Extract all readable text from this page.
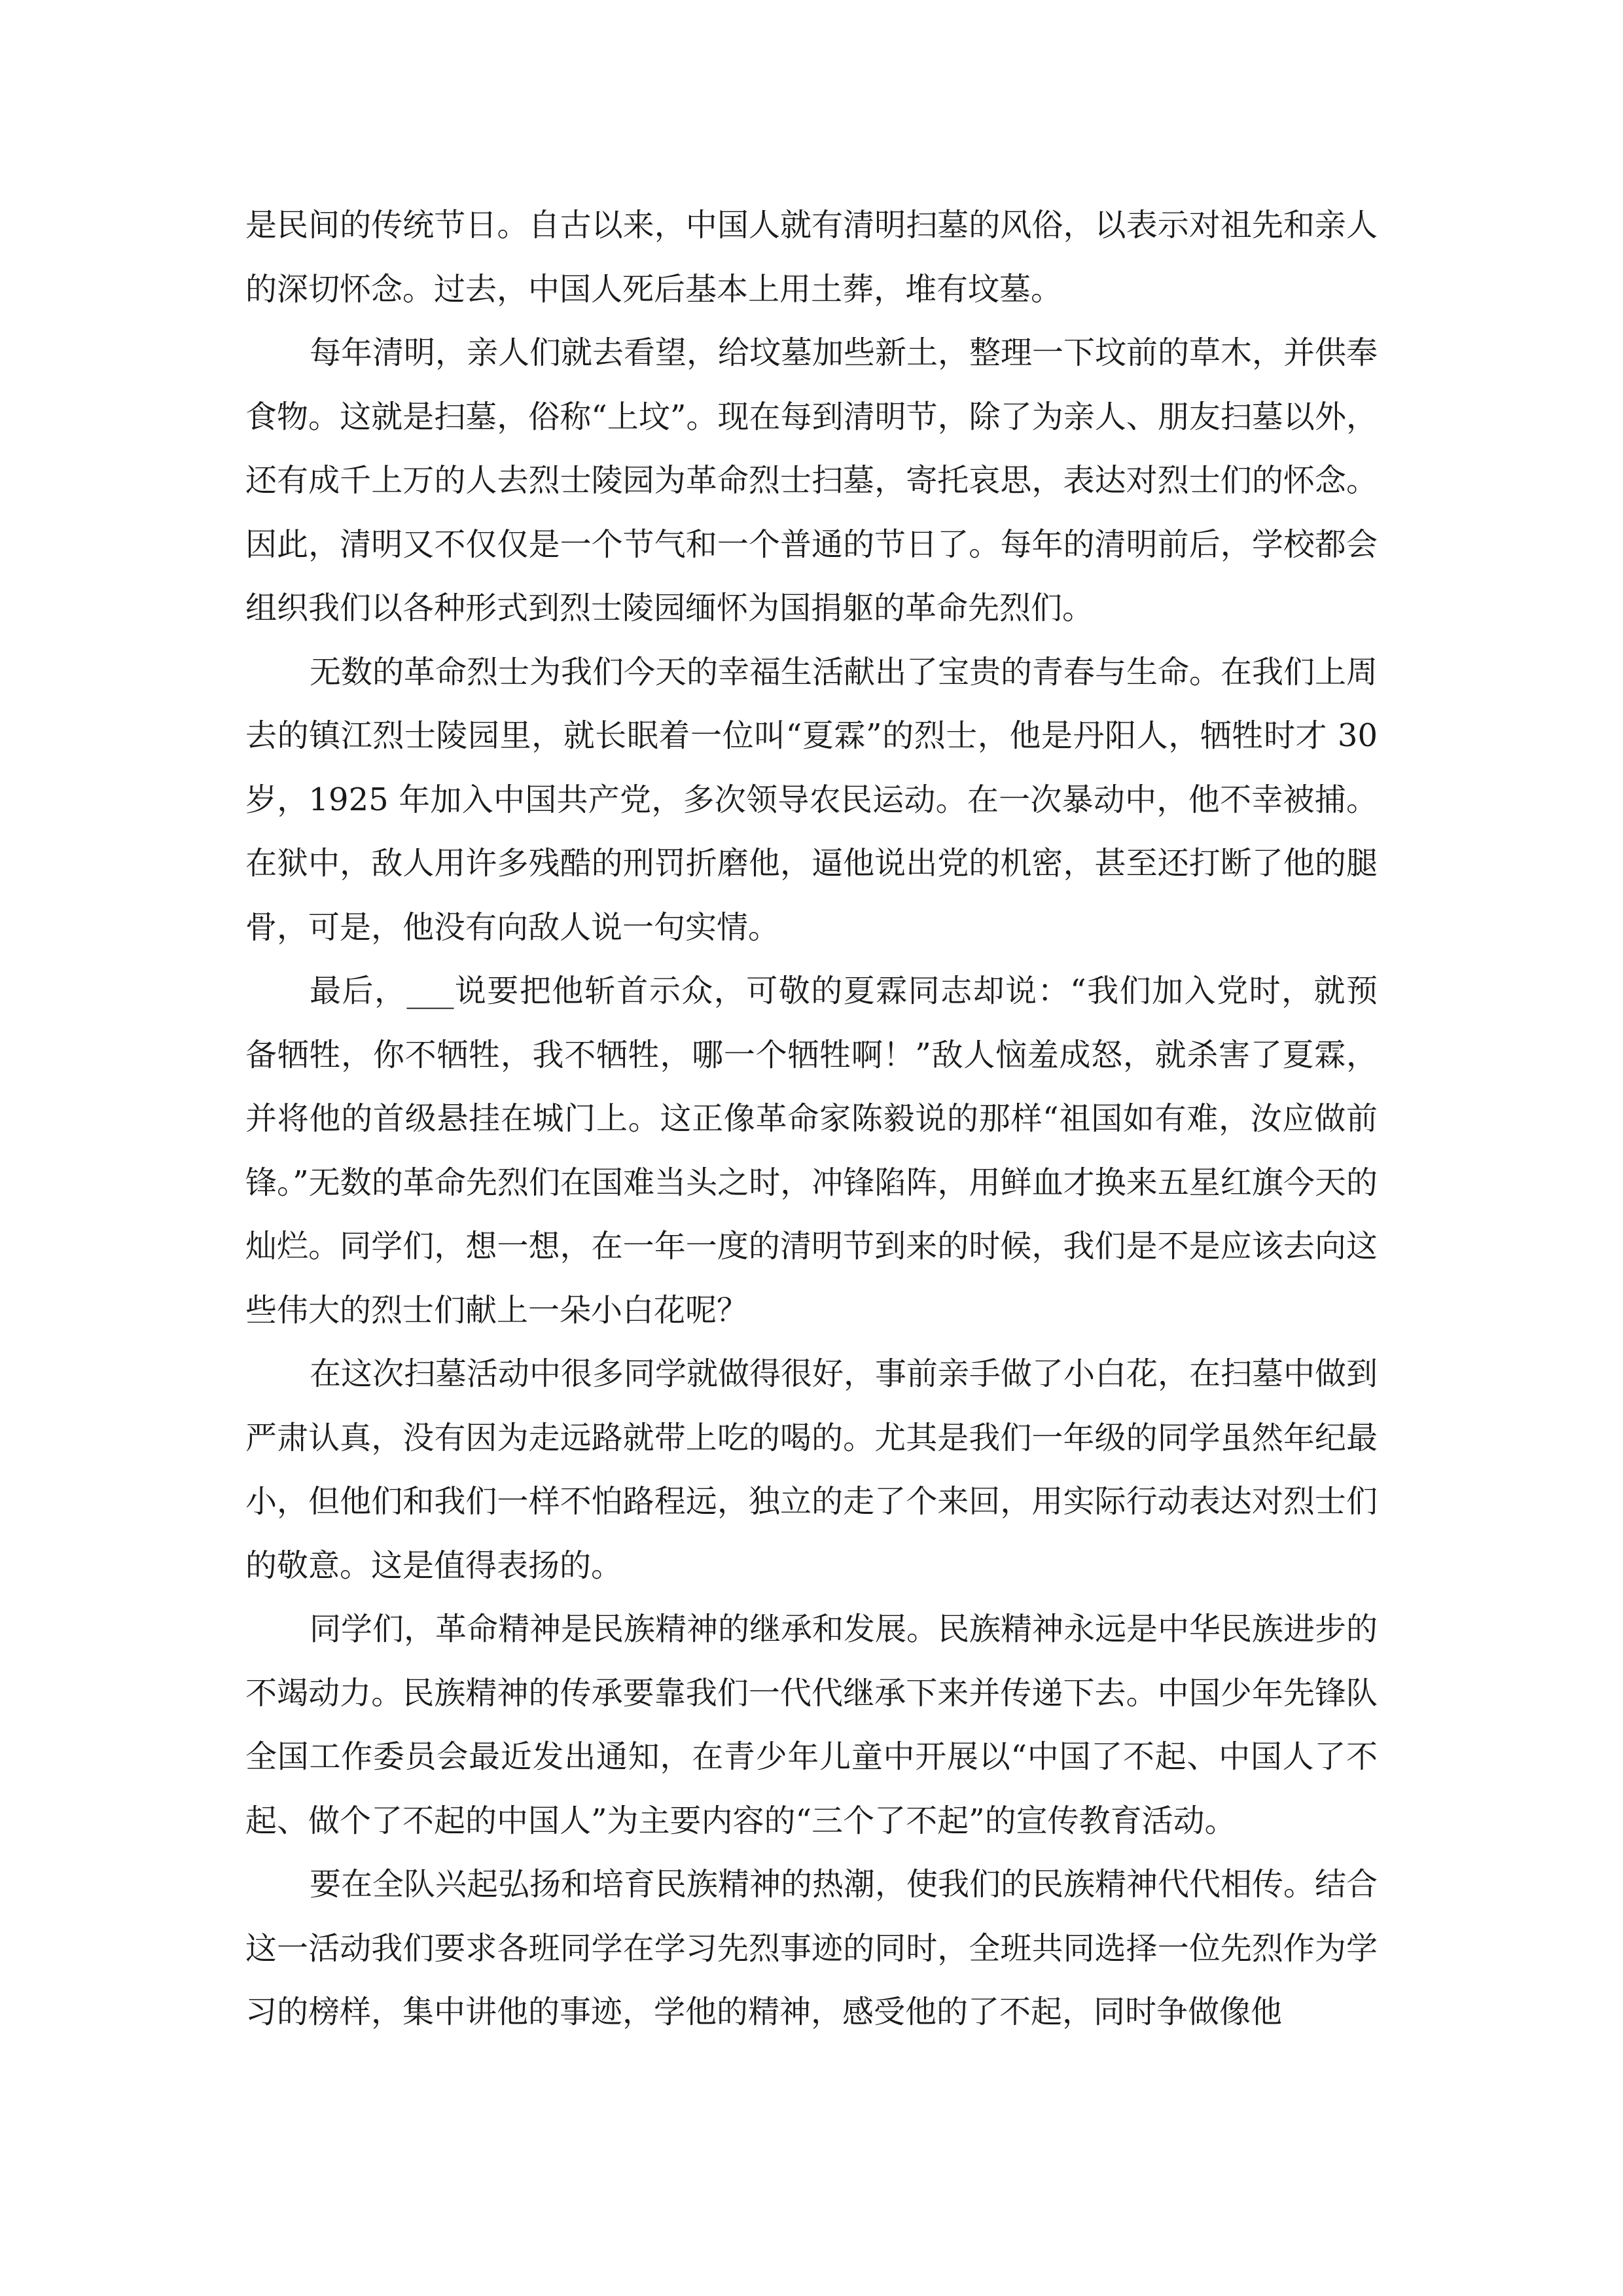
是民间的传统节日。自古以来，中国人就有清明扫墓的风俗，以表示对祖先和亲人的深切怀念。过去，中国人死后基本上用土葬，堆有坟墓。

每年清明，亲人们就去看望，给坟墓加些新土，整理一下坟前的草木，并供奉食物。这就是扫墓，俗称“上坟”。现在每到清明节，除了为亲人、朋友扫墓以外，还有成千上万的人去烈士陵园为革命烈士扫墓，寄托哀思，表达对烈士们的怀念。因此，清明又不仅仅是一个节气和一个普通的节日了。每年的清明前后，学校都会组织我们以各种形式到烈士陵园缅怀为国捐躯的革命先烈们。

无数的革命烈士为我们今天的幸福生活献出了宝贵的青春与生命。在我们上周去的镇江烈士陵园里，就长眠着一位叫“夏霖”的烈士，他是丹阳人，牺牲时才 30 岁，1925 年加入中国共产党，多次领导农民运动。在一次暴动中，他不幸被捕。在狱中，敌人用许多残酷的刑罚折磨他，逼他说出党的机密，甚至还打断了他的腿骨，可是，他没有向敌人说一句实情。

最后，___说要把他斩首示众，可敬的夏霖同志却说：“我们加入党时，就预备牺牲，你不牺牲，我不牺牲，哪一个牺牲啊！”敌人恼羞成怒，就杀害了夏霖，并将他的首级悬挂在城门上。这正像革命家陈毅说的那样“祖国如有难，汝应做前锋。”无数的革命先烈们在国难当头之时，冲锋陷阵，用鲜血才换来五星红旗今天的灿烂。同学们，想一想，在一年一度的清明节到来的时候，我们是不是应该去向这些伟大的烈士们献上一朵小白花呢？

在这次扫墓活动中很多同学就做得很好，事前亲手做了小白花，在扫墓中做到严肃认真，没有因为走远路就带上吃的喝的。尤其是我们一年级的同学虽然年纪最小，但他们和我们一样不怕路程远，独立的走了个来回，用实际行动表达对烈士们的敬意。这是值得表扬的。

同学们，革命精神是民族精神的继承和发展。民族精神永远是中华民族进步的不竭动力。民族精神的传承要靠我们一代代继承下来并传递下去。中国少年先锋队全国工作委员会最近发出通知，在青少年儿童中开展以“中国了不起、中国人了不起、做个了不起的中国人”为主要内容的“三个了不起”的宣传教育活动。

要在全队兴起弘扬和培育民族精神的热潮，使我们的民族精神代代相传。结合这一活动我们要求各班同学在学习先烈事迹的同时，全班共同选择一位先烈作为学习的榜样，集中讲他的事迹，学他的精神，感受他的了不起，同时争做像他
